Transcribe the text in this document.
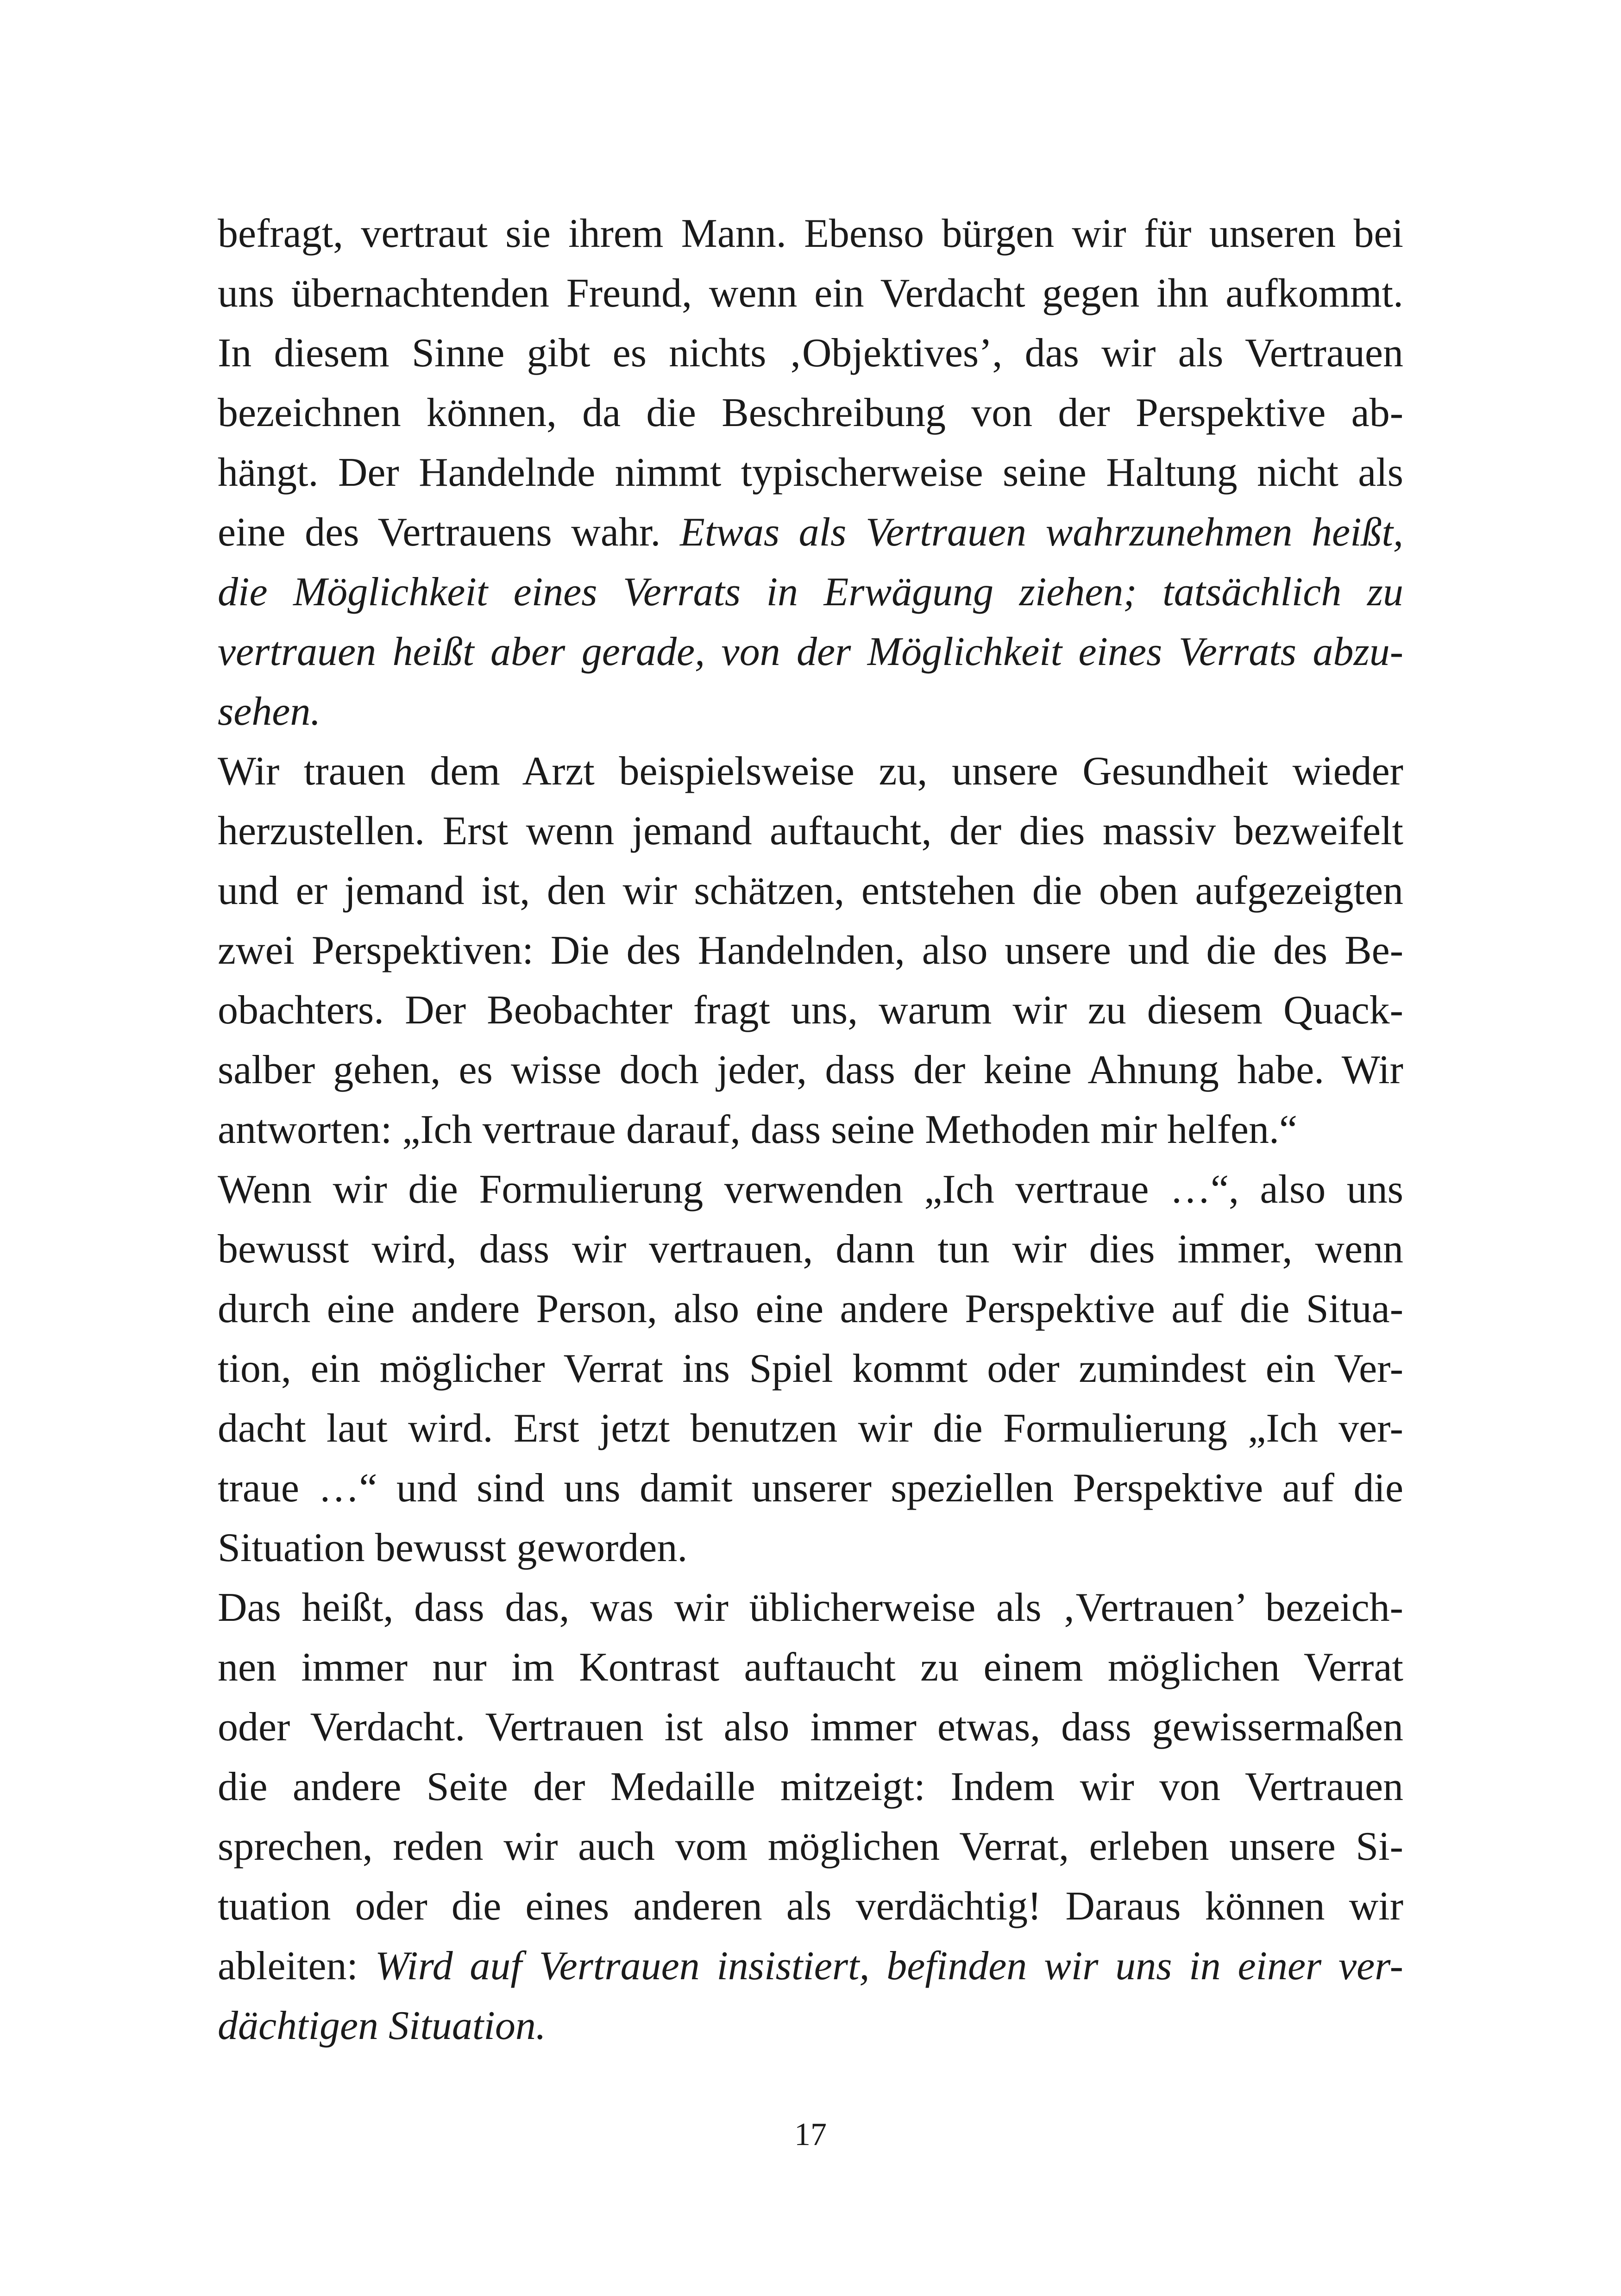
befragt, vertraut sie ihrem Mann. Ebenso bürgen wir für unseren bei
uns übernachtenden Freund, wenn ein Verdacht gegen ihn aufkommt.
In diesem Sinne gibt es nichts ‚Objektives’, das wir als Vertrauen
bezeichnen können, da die Beschreibung von der Perspektive ab-
hängt. Der Handelnde nimmt typischerweise seine Haltung nicht als
eine des Vertrauens wahr. Etwas als Vertrauen wahrzunehmen heißt,
die Möglichkeit eines Verrats in Erwägung ziehen; tatsächlich zu
vertrauen heißt aber gerade, von der Möglichkeit eines Verrats abzu-
sehen.
Wir trauen dem Arzt beispielsweise zu, unsere Gesundheit wieder
herzustellen. Erst wenn jemand auftaucht, der dies massiv bezweifelt
und er jemand ist, den wir schätzen, entstehen die oben aufgezeigten
zwei Perspektiven: Die des Handelnden, also unsere und die des Be-
obachters. Der Beobachter fragt uns, warum wir zu diesem Quack-
salber gehen, es wisse doch jeder, dass der keine Ahnung habe. Wir
antworten: „Ich vertraue darauf, dass seine Methoden mir helfen.“
Wenn wir die Formulierung verwenden „Ich vertraue …“, also uns
bewusst wird, dass wir vertrauen, dann tun wir dies immer, wenn
durch eine andere Person, also eine andere Perspektive auf die Situa-
tion, ein möglicher Verrat ins Spiel kommt oder zumindest ein Ver-
dacht laut wird. Erst jetzt benutzen wir die Formulierung „Ich ver-
traue …“ und sind uns damit unserer speziellen Perspektive auf die
Situation bewusst geworden.
Das heißt, dass das, was wir üblicherweise als ‚Vertrauen’ bezeich-
nen immer nur im Kontrast auftaucht zu einem möglichen Verrat
oder Verdacht. Vertrauen ist also immer etwas, dass gewissermaßen
die andere Seite der Medaille mitzeigt: Indem wir von Vertrauen
sprechen, reden wir auch vom möglichen Verrat, erleben unsere Si-
tuation oder die eines anderen als verdächtig! Daraus können wir
ableiten: Wird auf Vertrauen insistiert, befinden wir uns in einer ver-
dächtigen Situation.
17
